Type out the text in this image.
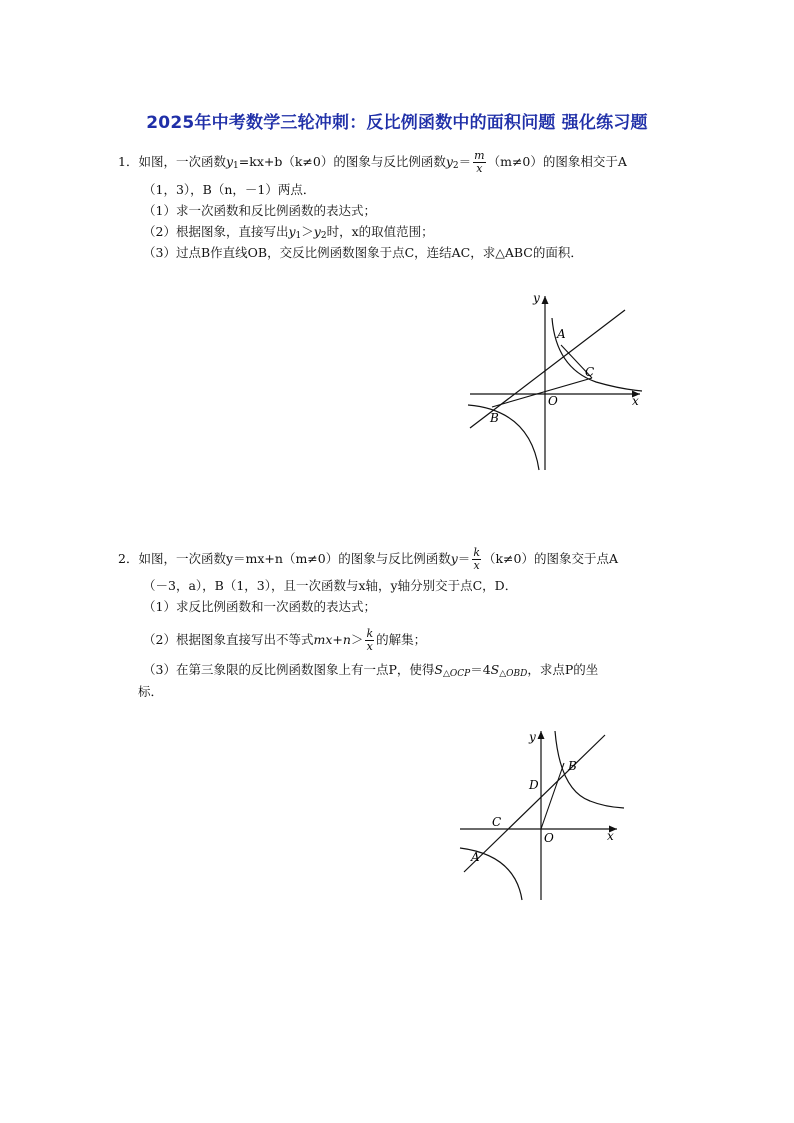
2025年中考数学三轮冲刺：反比例函数中的面积问题 强化练习题
1．如图，一次函数$y_1=kx+b(k\ne 0)$的图象与反比例函数$y_2= \frac{m}{x} (m\ne 0)$的图象相交于A
（1，3），B（n，－1）两点．
（1）求一次函数和反比例函数的表达式；
（2）根据图象，直接写出$y_1>y_2$时，x的取值范围；
（3）过点B作直线OB，交反比例函数图象于点C，连结AC，求△ABC的面积．
y
x
O
A
B
C
2．如图，一次函数y＝mx+n（m≠0）的图象与反比例函数$y= \frac{k}{x} (k\ne 0)$的图象交于点A
（－3，a），B（1，3），且一次函数与x轴，y轴分别交于点C，D．
（1）求反比例函数和一次函数的表达式；
（2）根据图象直接写出不等式$mx+n> \frac{k}{x}$ 的解集；
（3）在第三象限的反比例函数图象上有一点P，使得$S_{\triangle OCP}=4S_{\triangle OBD}$，求点P的坐
标．
y
x
O
A
B
C
D
